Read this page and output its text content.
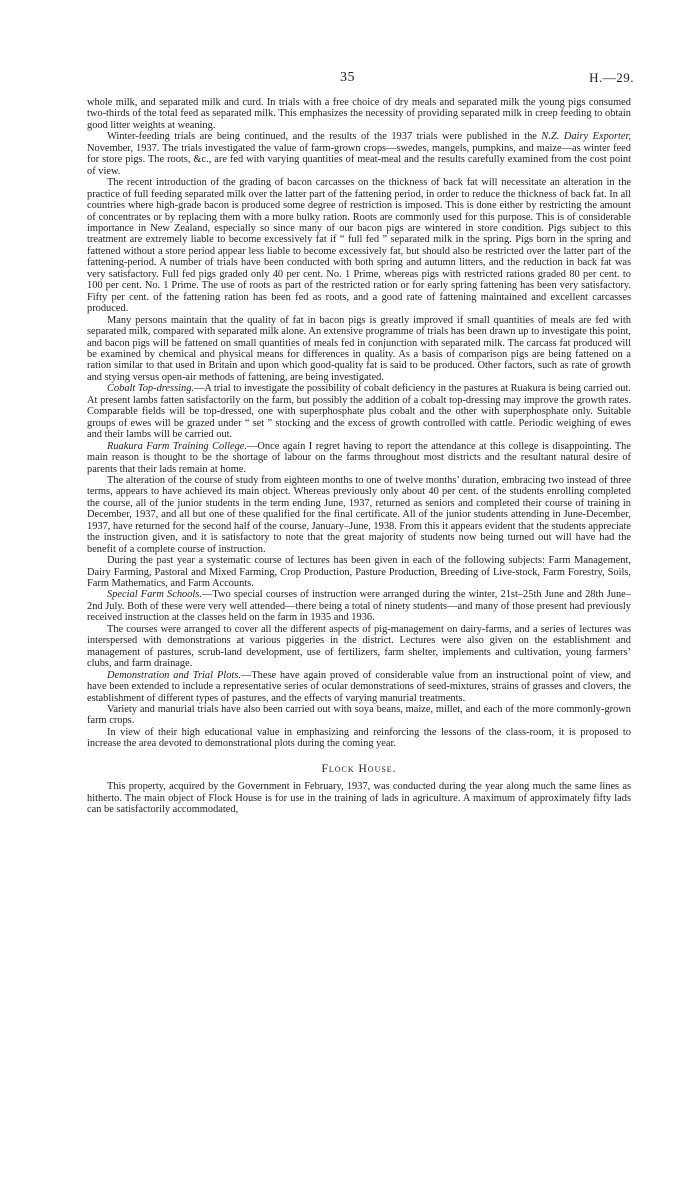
35	H.—29.

whole milk, and separated milk and curd. In trials with a free choice of dry meals and separated milk the young pigs consumed two-thirds of the total feed as separated milk. This emphasizes the necessity of providing separated milk in creep feeding to obtain good litter weights at weaning.

Winter-feeding trials are being continued, and the results of the 1937 trials were published in the N.Z. Dairy Exporter, November, 1937. The trials investigated the value of farm-grown crops—swedes, mangels, pumpkins, and maize—as winter feed for store pigs. The roots, &c., are fed with varying quantities of meat-meal and the results carefully examined from the cost point of view.

The recent introduction of the grading of bacon carcasses on the thickness of back fat will necessitate an alteration in the practice of full feeding separated milk over the latter part of the fattening period, in order to reduce the thickness of back fat. In all countries where high-grade bacon is produced some degree of restriction is imposed. This is done either by restricting the amount of concentrates or by replacing them with a more bulky ration. Roots are commonly used for this purpose. This is of considerable importance in New Zealand, especially so since many of our bacon pigs are wintered in store condition. Pigs subject to this treatment are extremely liable to become excessively fat if “ full fed ” separated milk in the spring. Pigs born in the spring and fattened without a store period appear less liable to become excessively fat, but should also be restricted over the latter part of the fattening-period. A number of trials have been conducted with both spring and autumn litters, and the reduction in back fat was very satisfactory. Full fed pigs graded only 40 per cent. No. 1 Prime, whereas pigs with restricted rations graded 80 per cent. to 100 per cent. No. 1 Prime. The use of roots as part of the restricted ration or for early spring fattening has been very satisfactory. Fifty per cent. of the fattening ration has been fed as roots, and a good rate of fattening maintained and excellent carcasses produced.

Many persons maintain that the quality of fat in bacon pigs is greatly improved if small quantities of meals are fed with separated milk, compared with separated milk alone. An extensive programme of trials has been drawn up to investigate this point, and bacon pigs will be fattened on small quantities of meals fed in conjunction with separated milk. The carcass fat produced will be examined by chemical and physical means for differences in quality. As a basis of comparison pigs are being fattened on a ration similar to that used in Britain and upon which good-quality fat is said to be produced. Other factors, such as rate of growth and stying versus open-air methods of fattening, are being investigated.

Cobalt Top-dressing.—A trial to investigate the possibility of cobalt deficiency in the pastures at Ruakura is being carried out. At present lambs fatten satisfactorily on the farm, but possibly the addition of a cobalt top-dressing may improve the growth rates. Comparable fields will be top-dressed, one with superphosphate plus cobalt and the other with superphosphate only. Suitable groups of ewes will be grazed under “ set ” stocking and the excess of growth controlled with cattle. Periodic weighing of ewes and their lambs will be carried out.

Ruakura Farm Training College.—Once again I regret having to report the attendance at this college is disappointing. The main reason is thought to be the shortage of labour on the farms throughout most districts and the resultant natural desire of parents that their lads remain at home.

The alteration of the course of study from eighteen months to one of twelve months’ duration, embracing two instead of three terms, appears to have achieved its main object. Whereas previously only about 40 per cent. of the students enrolling completed the course, all of the junior students in the term ending June, 1937, returned as seniors and completed their course of training in December, 1937, and all but one of these qualified for the final certificate. All of the junior students attending in June-December, 1937, have returned for the second half of the course, January–June, 1938. From this it appears evident that the students appreciate the instruction given, and it is satisfactory to note that the great majority of students now being turned out will have had the benefit of a complete course of instruction.

During the past year a systematic course of lectures has been given in each of the following subjects: Farm Management, Dairy Farming, Pastoral and Mixed Farming, Crop Production, Pasture Production, Breeding of Live-stock, Farm Forestry, Soils, Farm Mathematics, and Farm Accounts.

Special Farm Schools.—Two special courses of instruction were arranged during the winter, 21st–25th June and 28th June–2nd July. Both of these were very well attended—there being a total of ninety students—and many of those present had previously received instruction at the classes held on the farm in 1935 and 1936.

The courses were arranged to cover all the different aspects of pig-management on dairy-farms, and a series of lectures was interspersed with demonstrations at various piggeries in the district. Lectures were also given on the establishment and management of pastures, scrub-land development, use of fertilizers, farm shelter, implements and cultivation, young farmers’ clubs, and farm drainage.

Demonstration and Trial Plots.—These have again proved of considerable value from an instructional point of view, and have been extended to include a representative series of ocular demonstrations of seed-mixtures, strains of grasses and clovers, the establishment of different types of pastures, and the effects of varying manurial treatments.

Variety and manurial trials have also been carried out with soya beans, maize, millet, and each of the more commonly-grown farm crops.

In view of their high educational value in emphasizing and reinforcing the lessons of the class-room, it is proposed to increase the area devoted to demonstrational plots during the coming year.

Flock House.

This property, acquired by the Government in February, 1937, was conducted during the year along much the same lines as hitherto. The main object of Flock House is for use in the training of lads in agriculture. A maximum of approximately fifty lads can be satisfactorily accommodated,
